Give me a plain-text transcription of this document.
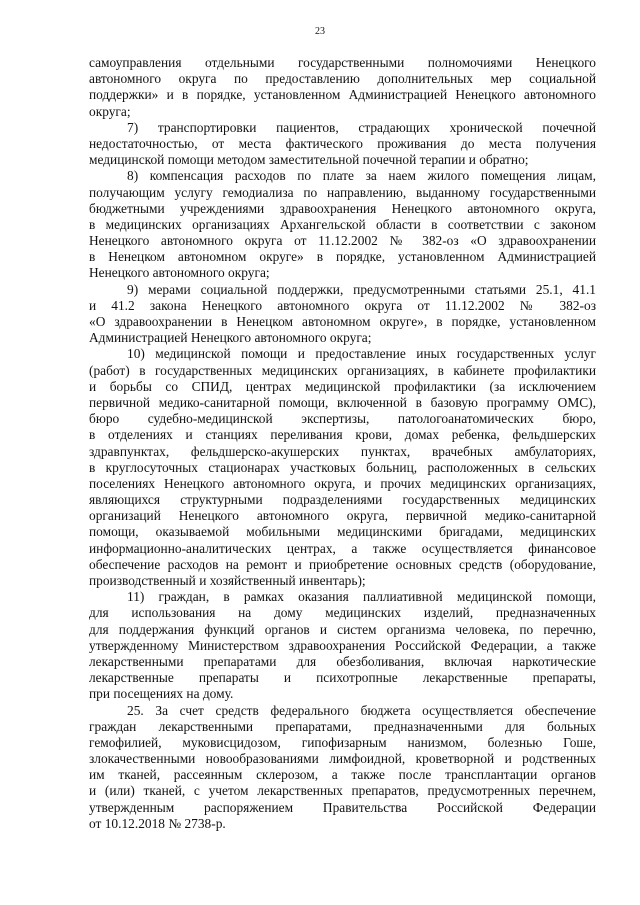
23
самоуправления отдельными государственными полномочиями Ненецкого
автономного округа по предоставлению дополнительных мер социальной
поддержки» и в порядке, установленном Администрацией Ненецкого автономного
округа;
7) транспортировки пациентов, страдающих хронической почечной
недостаточностью, от места фактического проживания до места получения
медицинской помощи методом заместительной почечной терапии и обратно;
8) компенсация расходов по плате за наем жилого помещения лицам,
получающим услугу гемодиализа по направлению, выданному государственными
бюджетными учреждениями здравоохранения Ненецкого автономного округа,
в медицинских организациях Архангельской области в соответствии с законом
Ненецкого автономного округа от 11.12.2002 № 382-оз «О здравоохранении
в Ненецком автономном округе» в порядке, установленном Администрацией
Ненецкого автономного округа;
9) мерами социальной поддержки, предусмотренными статьями 25.1, 41.1
и 41.2 закона Ненецкого автономного округа от 11.12.2002 № 382-оз
«О здравоохранении в Ненецком автономном округе», в порядке, установленном
Администрацией Ненецкого автономного округа;
10) медицинской помощи и предоставление иных государственных услуг
(работ) в государственных медицинских организациях, в кабинете профилактики
и борьбы со СПИД, центрах медицинской профилактики (за исключением
первичной медико-санитарной помощи, включенной в базовую программу ОМС),
бюро судебно-медицинской экспертизы, патологоанатомических бюро,
в отделениях и станциях переливания крови, домах ребенка, фельдшерских
здравпунктах, фельдшерско-акушерских пунктах, врачебных амбулаториях,
в круглосуточных стационарах участковых больниц, расположенных в сельских
поселениях Ненецкого автономного округа, и прочих медицинских организациях,
являющихся структурными подразделениями государственных медицинских
организаций Ненецкого автономного округа, первичной медико-санитарной
помощи, оказываемой мобильными медицинскими бригадами, медицинских
информационно-аналитических центрах, а также осуществляется финансовое
обеспечение расходов на ремонт и приобретение основных средств (оборудование,
производственный и хозяйственный инвентарь);
11) граждан, в рамках оказания паллиативной медицинской помощи,
для использования на дому медицинских изделий, предназначенных
для поддержания функций органов и систем организма человека, по перечню,
утвержденному Министерством здравоохранения Российской Федерации, а также
лекарственными препаратами для обезболивания, включая наркотические
лекарственные препараты и психотропные лекарственные препараты,
при посещениях на дому.
25. За счет средств федерального бюджета осуществляется обеспечение
граждан лекарственными препаратами, предназначенными для больных
гемофилией, муковисцидозом, гипофизарным нанизмом, болезнью Гоше,
злокачественными новообразованиями лимфоидной, кроветворной и родственных
им тканей, рассеянным склерозом, а также после трансплантации органов
и (или) тканей, с учетом лекарственных препаратов, предусмотренных перечнем,
утвержденным распоряжением Правительства Российской Федерации
от 10.12.2018 № 2738-р.
